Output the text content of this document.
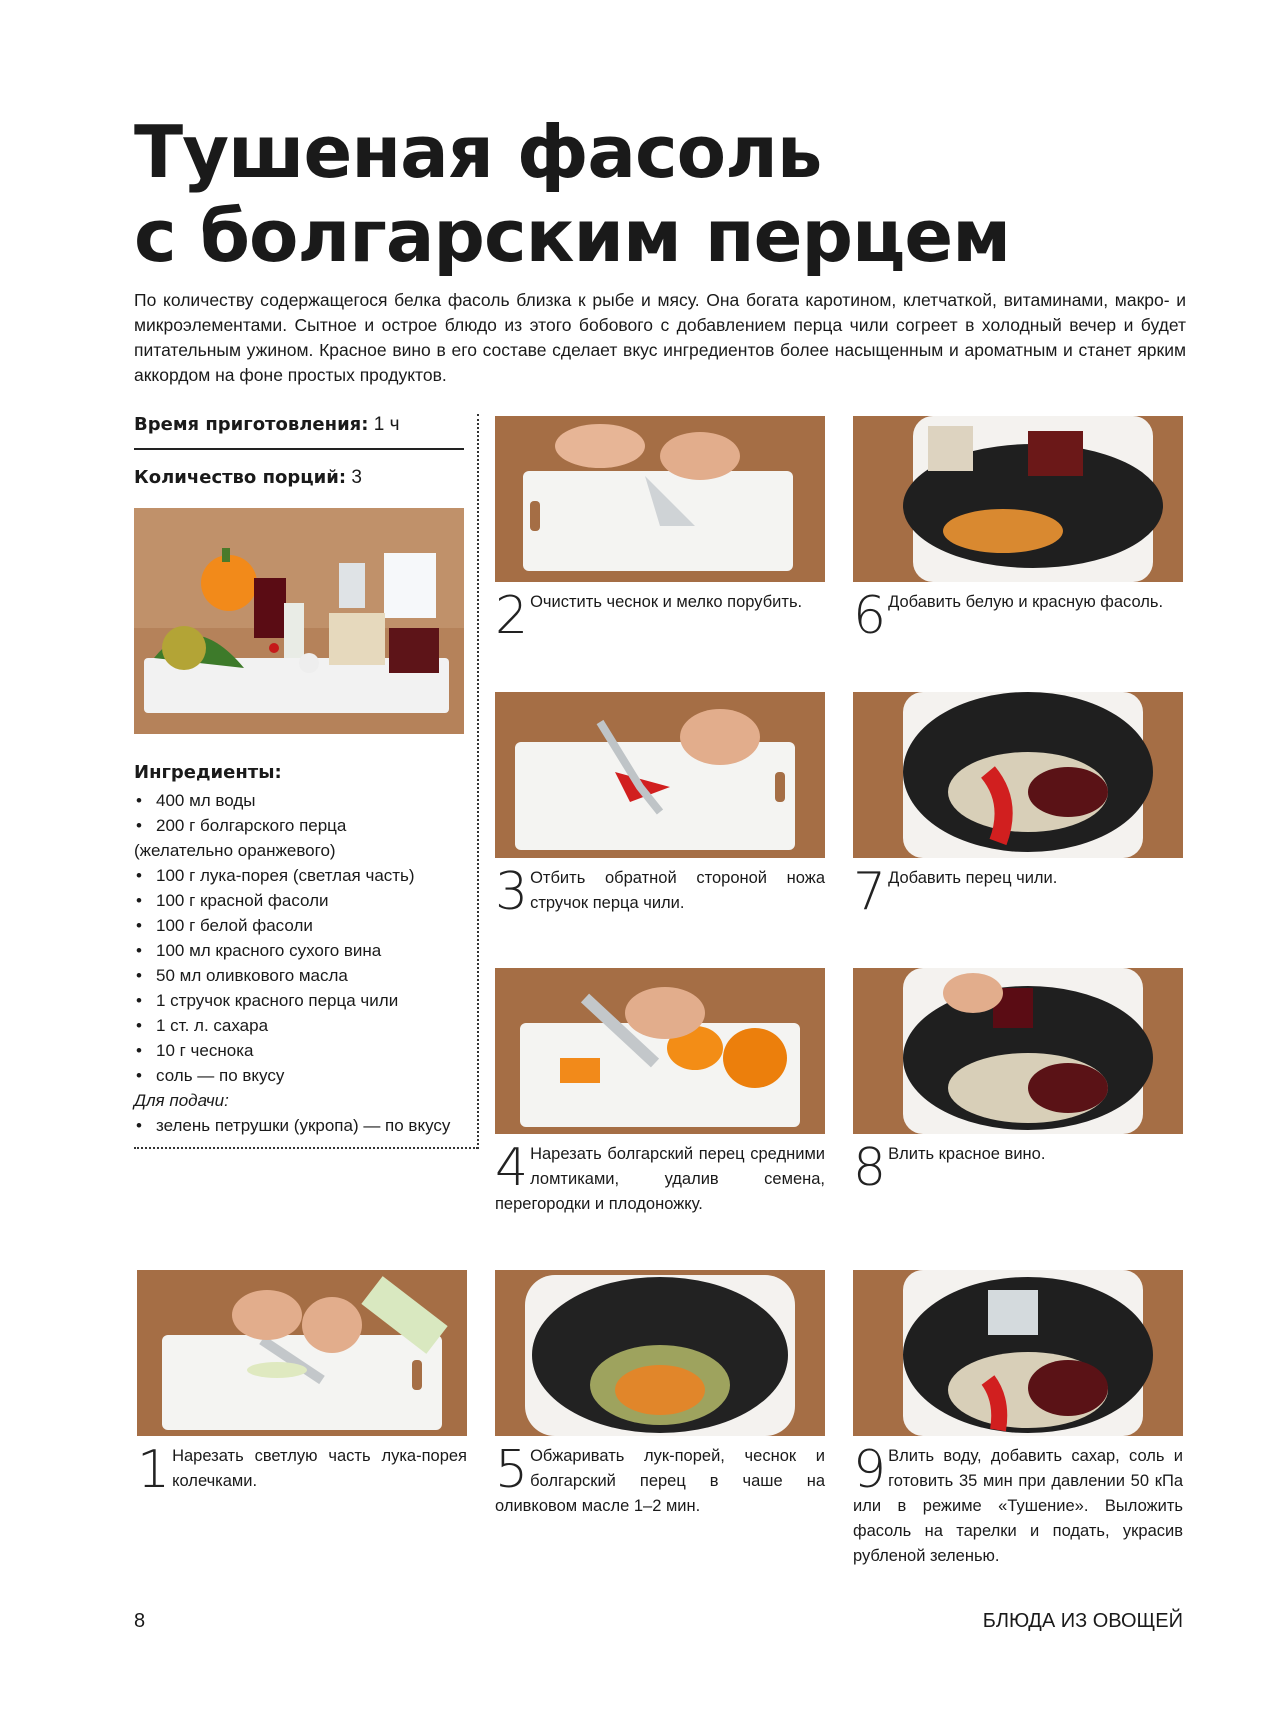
Тушеная фасоль
с болгарским перцем

По количеству содержащегося белка фасоль близка к рыбе и мясу. Она богата каротином, клетчаткой, витаминами, макро- и микроэлементами. Сытное и острое блюдо из этого бобового с добавлением перца чили согреет в холодный вечер и будет питательным ужином. Красное вино в его составе сделает вкус ингредиентов более насыщенным и ароматным и станет ярким аккордом на фоне простых продуктов.

Время приготовления: 1 ч
Количество порций: 3
Ингредиенты:
• 400 мл воды
• 200 г болгарского перца
(желательно оранжевого)
• 100 г лука-порея (светлая часть)
• 100 г красной фасоли
• 100 г белой фасоли
• 100 мл красного сухого вина
• 50 мл оливкового масла
• 1 стручок красного перца чили
• 1 ст. л. сахара
• 10 г чеснока
• соль — по вкусу
Для подачи:
• зелень петрушки (укропа) — по вкусу
1 Нарезать светлую часть лука-порея колечками.
2 Очистить чеснок и мелко порубить.
3 Отбить обратной стороной ножа стручок перца чили.
4 Нарезать болгарский перец средними ломтиками, удалив семена, перегородки и плодоножку.
5 Обжаривать лук-порей, чеснок и болгарский перец в чаше на оливковом масле 1–2 мин.
6 Добавить белую и красную фасоль.
7 Добавить перец чили.
8 Влить красное вино.
9 Влить воду, добавить сахар, соль и готовить 35 мин при давлении 50 кПа или в режиме «Тушение». Выложить фасоль на тарелки и подать, украсив рубленой зеленью.
8	БЛЮДА ИЗ ОВОЩЕЙ
